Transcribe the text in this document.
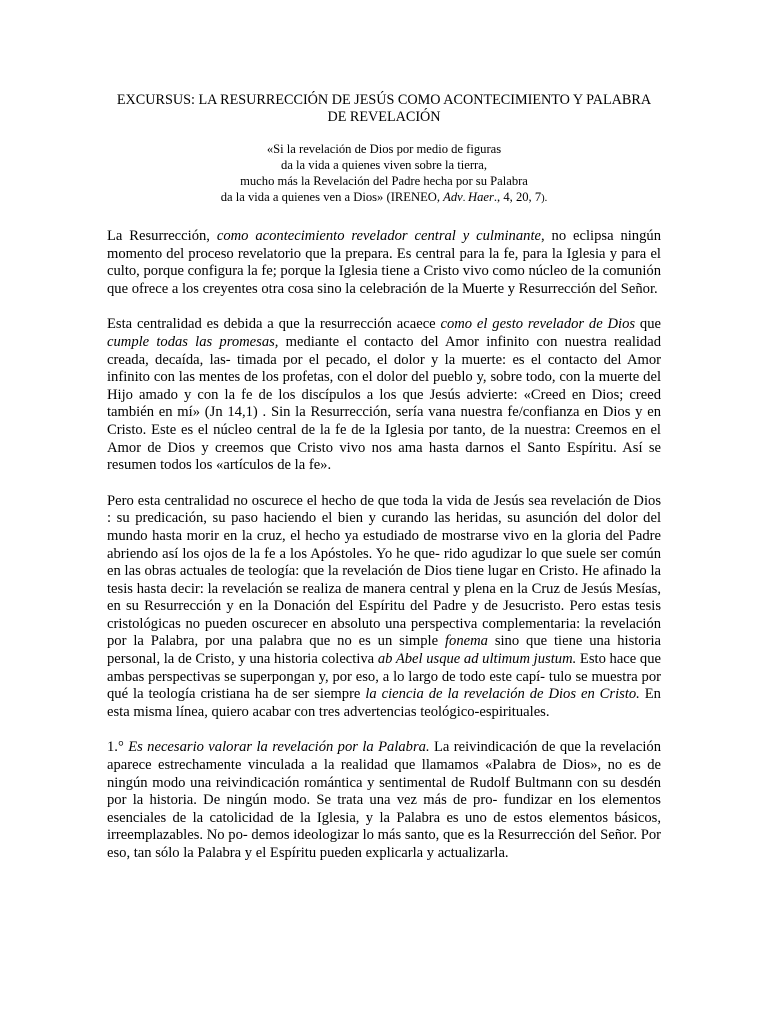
EXCURSUS: LA RESURRECCIÓN DE JESÚS COMO ACONTECIMIENTO Y PALABRA DE REVELACIÓN
«Si la revelación de Dios por medio de figuras
da la vida a quienes viven sobre la tierra,
mucho más la Revelación del Padre hecha por su Palabra
da la vida a quienes ven a Dios» (IRENEO, Adv. Haer., 4, 20, 7).

La Resurrección, como acontecimiento revelador central y culminante, no eclipsa ningún momento del proceso revelatorio que la prepara. Es central para la fe, para la Iglesia y para el culto, porque configura la fe; porque la Iglesia tiene a Cristo vivo como núcleo de la comunión que ofrece a los creyentes otra cosa sino la celebración de la Muerte y Resurrección del Señor.

Esta centralidad es debida a que la resurrección acaece como el gesto revelador de Dios que cumple todas las promesas, mediante el contacto del Amor infinito con nuestra realidad creada, decaída, las- timada por el pecado, el dolor y la muerte: es el contacto del Amor infinito con las mentes de los profetas, con el dolor del pueblo y, sobre todo, con la muerte del Hijo amado y con la fe de los discípulos a los que Jesús advierte: «Creed en Dios; creed también en mí» (Jn 14,1) . Sin la Resurrección, sería vana nuestra fe/confianza en Dios y en Cristo. Este es el núcleo central de la fe de la Iglesia por tanto, de la nuestra: Creemos en el Amor de Dios y creemos que Cristo vivo nos ama hasta darnos el Santo Espíritu. Así se resumen todos los «artículos de la fe».

Pero esta centralidad no oscurece el hecho de que toda la vida de Jesús sea revelación de Dios : su predicación, su paso haciendo el bien y curando las heridas, su asunción del dolor del mundo hasta morir en la cruz, el hecho ya estudiado de mostrarse vivo en la gloria del Padre abriendo así los ojos de la fe a los Apóstoles. Yo he que- rido agudizar lo que suele ser común en las obras actuales de teología: que la revelación de Dios tiene lugar en Cristo. He afinado la tesis hasta decir: la revelación se realiza de manera central y plena en la Cruz de Jesús Mesías, en su Resurrección y en la Donación del Espíritu del Padre y de Jesucristo. Pero estas tesis cristológicas no pueden oscurecer en absoluto una perspectiva complementaria: la revelación por la Palabra, por una palabra que no es un simple fonema sino que tiene una historia personal, la de Cristo, y una historia colectiva ab Abel usque ad ultimum justum. Esto hace que ambas perspectivas se superpongan y, por eso, a lo largo de todo este capí- tulo se muestra por qué la teología cristiana ha de ser siempre la ciencia de la revelación de Dios en Cristo. En esta misma línea, quiero acabar con tres advertencias teológico-espirituales.

1.° Es necesario valorar la revelación por la Palabra. La reivindicación de que la revelación aparece estrechamente vinculada a la realidad que llamamos «Palabra de Dios», no es de ningún modo una reivindicación romántica y sentimental de Rudolf Bultmann con su desdén por la historia. De ningún modo. Se trata una vez más de pro- fundizar en los elementos esenciales de la catolicidad de la Iglesia, y la Palabra es uno de estos elementos básicos, irreemplazables. No po- demos ideologizar lo más santo, que es la Resurrección del Señor. Por eso, tan sólo la Palabra y el Espíritu pueden explicarla y actualizarla.
